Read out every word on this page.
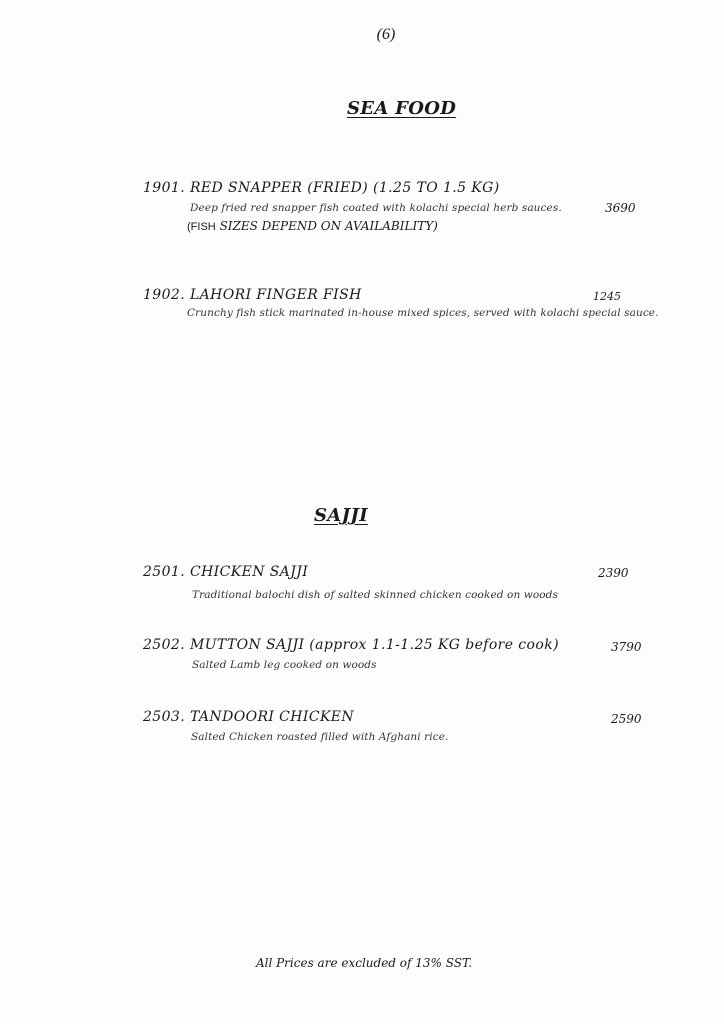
(6)
SEA FOOD
1901. RED SNAPPER (FRIED) (1.25 TO 1.5 KG)
Deep fried red snapper fish coated with kolachi special herb sauces.	3690
(FISH SIZES DEPEND ON AVAILABILITY)
1902. LAHORI FINGER FISH	1245
Crunchy fish stick marinated in-house mixed spices, served with kolachi special sauce.
SAJJI
2501. CHICKEN SAJJI	2390
Traditional balochi dish of salted skinned chicken cooked on woods
2502. MUTTON SAJJI (approx 1.1-1.25 KG before cook)	3790
Salted Lamb leg cooked on woods
2503. TANDOORI CHICKEN	2590
Salted Chicken roasted filled with Afghani rice.
All Prices are excluded of 13% SST.
